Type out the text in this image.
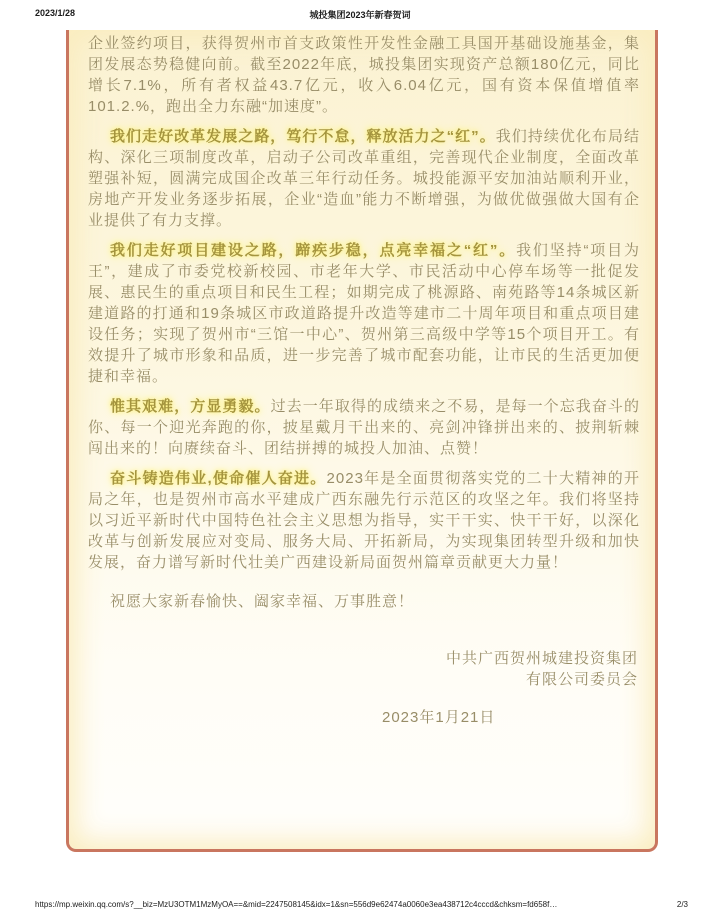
2023/1/28	城投集团2023年新春贺词

企业签约项目，获得贺州市首支政策性开发性金融工具国开基础设施基金，集团发展态势稳健向前。截至2022年底，城投集团实现资产总额180亿元，同比增长7.1%，所有者权益43.7亿元，收入6.04亿元，国有资本保值增值率101.2.%，跑出全力东融“加速度”。

我们走好改革发展之路，笃行不怠，释放活力之“红”。我们持续优化布局结构、深化三项制度改革，启动子公司改革重组，完善现代企业制度，全面改革塑强补短，圆满完成国企改革三年行动任务。城投能源平安加油站顺利开业，房地产开发业务逐步拓展，企业“造血”能力不断增强，为做优做强做大国有企业提供了有力支撑。

我们走好项目建设之路，蹄疾步稳，点亮幸福之“红”。我们坚持“项目为王”，建成了市委党校新校园、市老年大学、市民活动中心停车场等一批促发展、惠民生的重点项目和民生工程；如期完成了桃源路、南苑路等14条城区新建道路的打通和19条城区市政道路提升改造等建市二十周年项目和重点项目建设任务；实现了贺州市“三馆一中心”、贺州第三高级中学等15个项目开工。有效提升了城市形象和品质，进一步完善了城市配套功能，让市民的生活更加便捷和幸福。

惟其艰难，方显勇毅。过去一年取得的成绩来之不易，是每一个忘我奋斗的你、每一个迎光奔跑的你，披星戴月干出来的、亮剑冲锋拼出来的、披荆斩棘闯出来的！向赓续奋斗、团结拼搏的城投人加油、点赞！

奋斗铸造伟业,使命催人奋进。2023年是全面贯彻落实党的二十大精神的开局之年，也是贺州市高水平建成广西东融先行示范区的攻坚之年。我们将坚持以习近平新时代中国特色社会主义思想为指导，实干干实、快干干好，以深化改革与创新发展应对变局、服务大局、开拓新局，为实现集团转型升级和加快发展，奋力谱写新时代壮美广西建设新局面贺州篇章贡献更大力量！

祝愿大家新春愉快、阖家幸福、万事胜意！

中共广西贺州城建投资集团
有限公司委员会
2023年1月21日
https://mp.weixin.qq.com/s?__biz=MzU3OTM1MzMyOA==&mid=2247508145&idx=1&sn=556d9e62474a0060e3ea438712c4cccd&chksm=fd658f…	2/3
